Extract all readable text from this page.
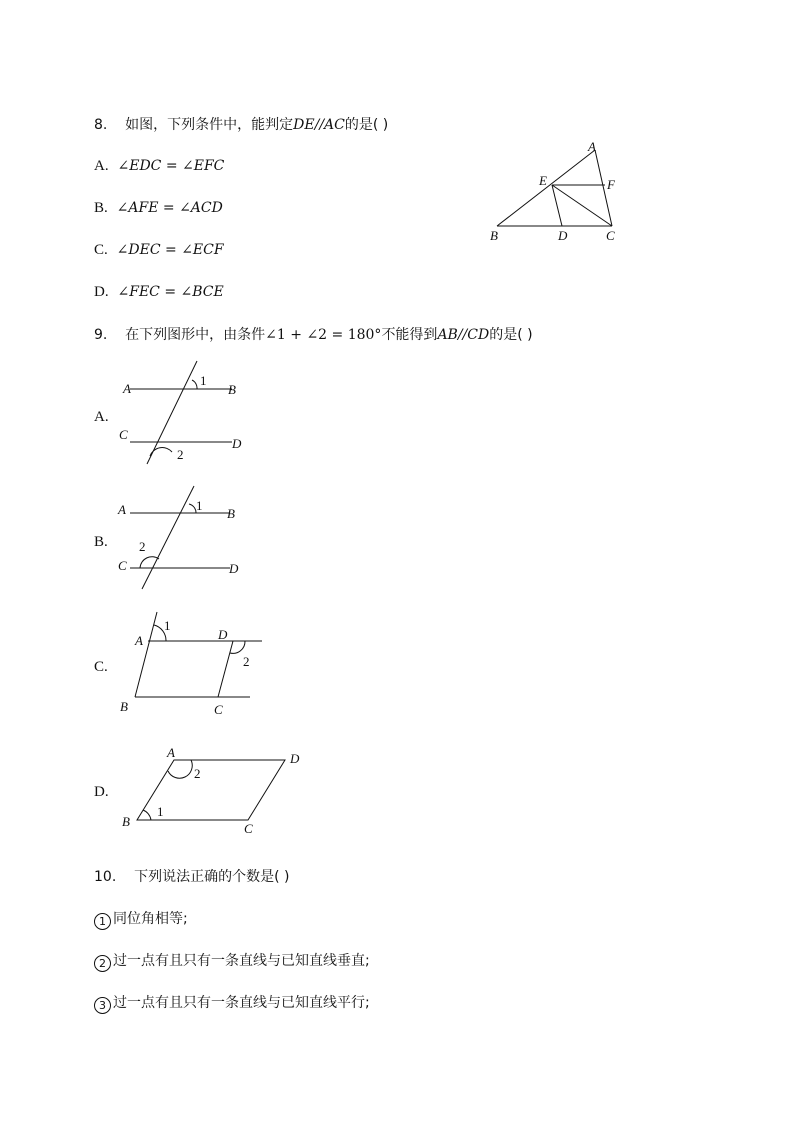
8. 如图，下列条件中，能判定DE//AC的是( )
A. ∠EDC = ∠EFC
B. ∠AFE = ∠ACD
C. ∠DEC = ∠ECF
D. ∠FEC = ∠BCE
A
B	C
D
E	F
9. 在下列图形中，由条件∠1 + ∠2 = 180°不能得到AB//CD的是( )
A.
A	B
C
D
1
2
B.
A	B
C	D
1
2
C.
A
B	C
D
1
2
D.
A
B	C
D
1
2
10. 下列说法正确的个数是( )
1 同位角相等;
2 过一点有且只有一条直线与已知直线垂直;
3 过一点有且只有一条直线与已知直线平行;
